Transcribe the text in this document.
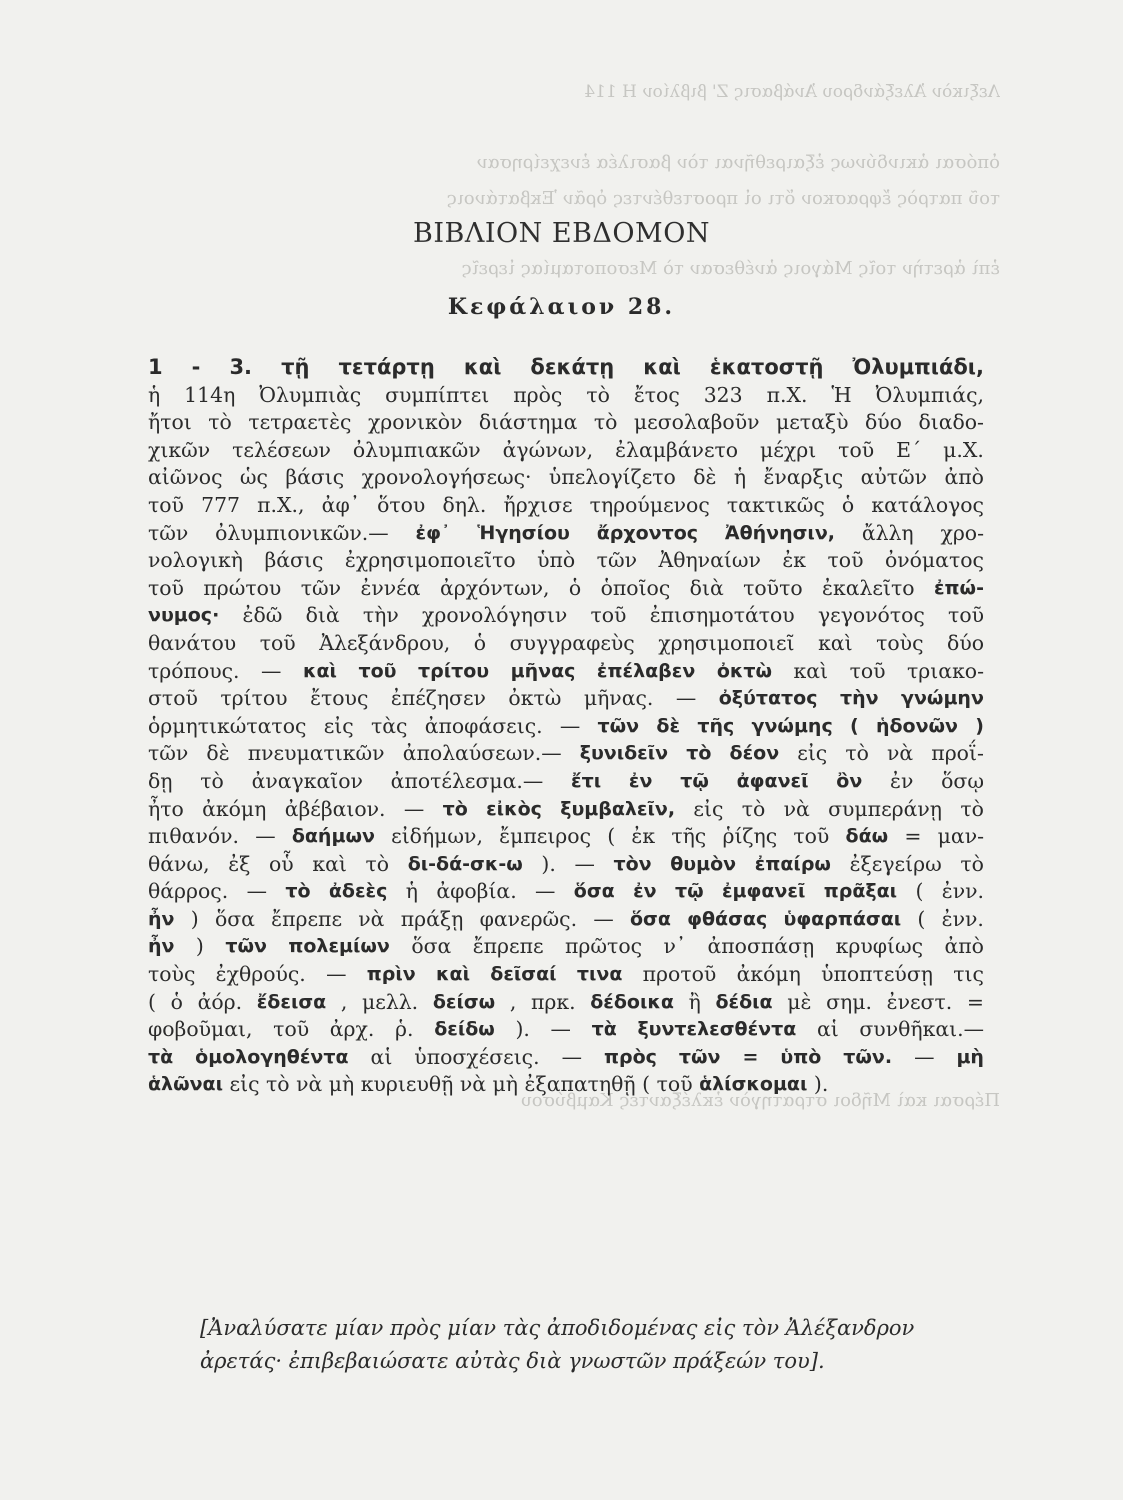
Λεξικὸν Ἀλεξάνδρου Ἀνάβασις Ζ' βιβλίον Η 114
ὁπόσαι ἀκινδύνως ἐξαιρεθῆναι τὸν βασιλέα ἐνεχείρησαν
τοῦ πατρὸς ἔφρασκον ὅτι οἱ προστεθέντες ὁρᾶν Ἐκβατάνοις
ἐπὶ ἀρετὴν τοῖς Μάγοις ἀνέθεσαν τὸ Μεσοποταμίας ἱερεῖς
Πέρσαι καὶ Μῆδοι στρατηγὸν ἐκλέξαντες Καμβύσου
ΒΙΒΛΙΟΝ ΕΒΔΟΜΟΝ
Κεφάλαιον 28.
1 - 3. τῇ τετάρτῃ καὶ δεκάτῃ καὶ ἑκατοστῇ Ὀλυμπιάδι,
ἡ 114η Ὀλυμπιὰς συμπίπτει πρὸς τὸ ἔτος 323 π.Χ. Ἡ Ὀλυμπιάς,
ἤτοι τὸ τετραετὲς χρονικὸν διάστημα τὸ μεσολαβοῦν μεταξὺ δύο διαδο-
χικῶν τελέσεων ὀλυμπιακῶν ἀγώνων, ἐλαμβάνετο μέχρι τοῦ Ε´ μ.Χ.
αἰῶνος ὡς βάσις χρονολογήσεως· ὑπελογίζετο δὲ ἡ ἔναρξις αὐτῶν ἀπὸ
τοῦ 777 π.Χ., ἀφ᾽ ὅτου δηλ. ἤρχισε τηρούμενος τακτικῶς ὁ κατάλογος
τῶν ὀλυμπιονικῶν.— ἐφ᾽ Ἡγησίου ἄρχοντος Ἀθήνησιν, ἄλλη χρο-
νολογικὴ βάσις ἐχρησιμοποιεῖτο ὑπὸ τῶν Ἀθηναίων ἐκ τοῦ ὀνόματος
τοῦ πρώτου τῶν ἐννέα ἀρχόντων, ὁ ὁποῖος διὰ τοῦτο ἐκαλεῖτο ἐπώ-
νυμος· ἐδῶ διὰ τὴν χρονολόγησιν τοῦ ἐπισημοτάτου γεγονότος τοῦ
θανάτου τοῦ Ἀλεξάνδρου, ὁ συγγραφεὺς χρησιμοποιεῖ καὶ τοὺς δύο
τρόπους. — καὶ τοῦ τρίτου μῆνας ἐπέλαβεν ὀκτὼ καὶ τοῦ τριακο-
στοῦ τρίτου ἔτους ἐπέζησεν ὀκτὼ μῆνας. — ὀξύτατος τὴν γνώμην
ὁρμητικώτατος εἰς τὰς ἀποφάσεις. — τῶν δὲ τῆς γνώμης ( ἡδονῶν )
τῶν δὲ πνευματικῶν ἀπολαύσεων.— ξυνιδεῖν τὸ δέον εἰς τὸ νὰ προΐ-
δῃ τὸ ἀναγκαῖον ἀποτέλεσμα.— ἔτι ἐν τῷ ἀφανεῖ ὂν ἐν ὅσῳ
ἦτο ἀκόμη ἀβέβαιον. — τὸ εἰκὸς ξυμβαλεῖν, εἰς τὸ νὰ συμπεράνῃ τὸ
πιθανόν. — δαήμων εἰδήμων, ἔμπειρος ( ἐκ τῆς ῥίζης τοῦ δάω = μαν-
θάνω, ἐξ οὗ καὶ τὸ δι-δά-σκ-ω ). — τὸν θυμὸν ἐπαίρω ἐξεγείρω τὸ
θάρρος. — τὸ ἀδεὲς ἡ ἀφοβία. — ὅσα ἐν τῷ ἐμφανεῖ πρᾶξαι ( ἐνν.
ἦν ) ὅσα ἔπρεπε νὰ πράξῃ φανερῶς. — ὅσα φθάσας ὑφαρπάσαι ( ἐνν.
ἦν ) τῶν πολεμίων ὅσα ἔπρεπε πρῶτος ν᾽ ἀποσπάσῃ κρυφίως ἀπὸ
τοὺς ἐχθρούς. — πρὶν καὶ δεῖσαί τινα προτοῦ ἀκόμη ὑποπτεύσῃ τις
( ὁ ἀόρ. ἔδεισα , μελλ. δείσω , πρκ. δέδοικα ἢ δέδια μὲ σημ. ἐνεστ. =
φοβοῦμαι, τοῦ ἀρχ. ῥ. δείδω ). — τὰ ξυντελεσθέντα αἱ συνθῆκαι.—
τὰ ὁμολογηθέντα αἱ ὑποσχέσεις. — πρὸς τῶν = ὑπὸ τῶν. — μὴ
ἁλῶναι εἰς τὸ νὰ μὴ κυριευθῇ νὰ μὴ ἐξαπατηθῇ ( τοῦ ἁλίσκομαι ).
[Ἀναλύσατε μίαν πρὸς μίαν τὰς ἀποδιδομένας εἰς τὸν Ἀλέξανδρον
ἀρετάς· ἐπιβεβαιώσατε αὐτὰς διὰ γνωστῶν πράξεών του].
